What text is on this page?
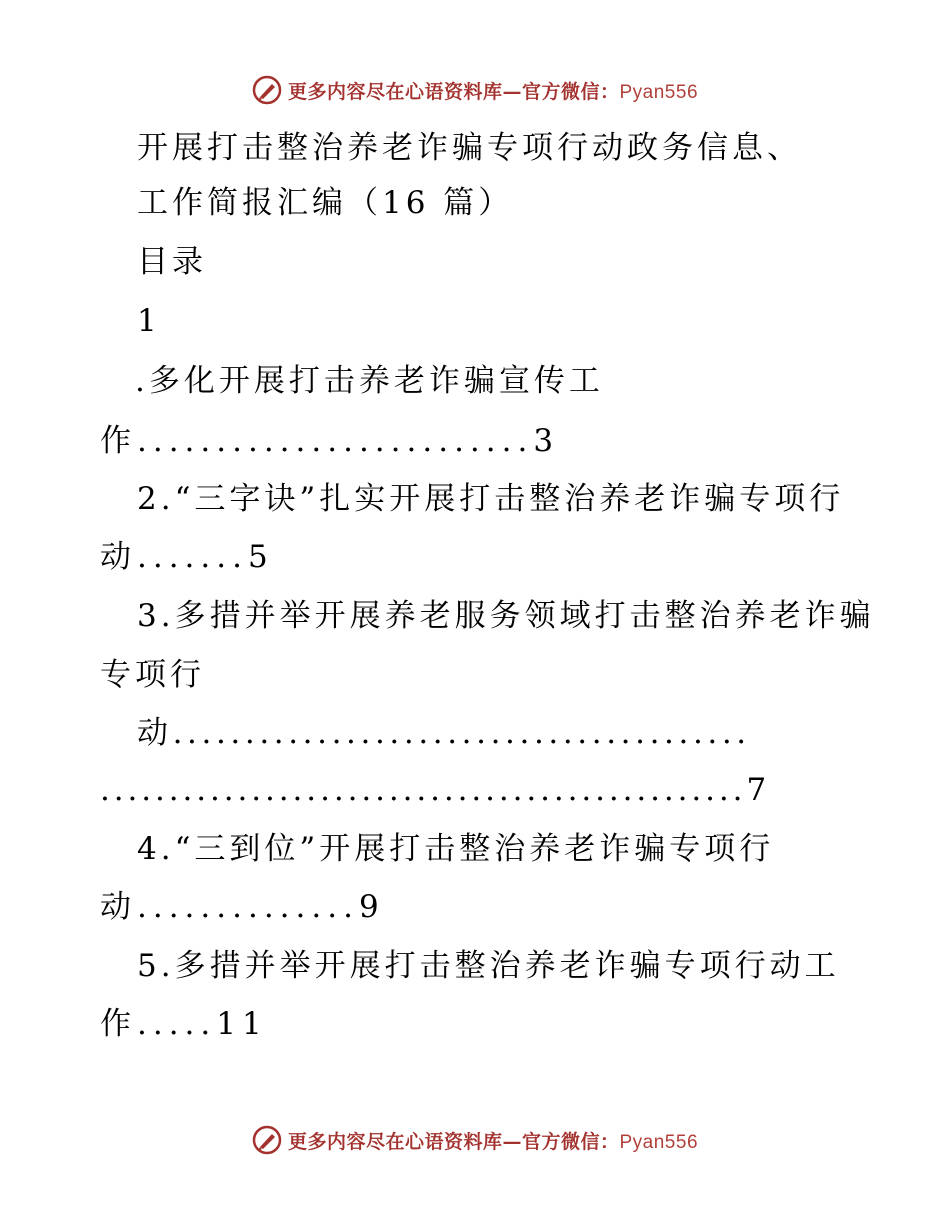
更多内容尽在心语资料库—官方微信：Pyan556
开展打击整治养老诈骗专项行动政务信息、
工作简报汇编（16 篇）
目录
1
.多化开展打击养老诈骗宣传工
作.........................3
2.“三字诀”扎实开展打击整治养老诈骗专项行
动.......5
3.多措并举开展养老服务领域打击整治养老诈骗
专项行
动........................................
...............................................7
4.“三到位”开展打击整治养老诈骗专项行
动..............9
5.多措并举开展打击整治养老诈骗专项行动工
作.....11
更多内容尽在心语资料库—官方微信：Pyan556
